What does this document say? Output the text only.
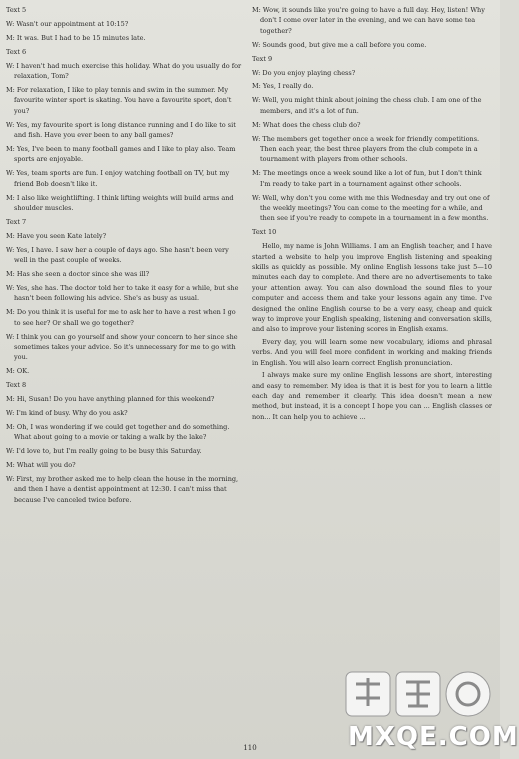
Text 5
W: Wasn't our appointment at 10:15?
M: It was. But I had to be 15 minutes late.
Text 6
W: I haven't had much exercise this holiday. What do you usually do for relaxation, Tom?
M: For relaxation, I like to play tennis and swim in the summer. My favourite winter sport is skating. You have a favourite sport, don't you?
W: Yes, my favourite sport is long distance running and I do like to sit and fish. Have you ever been to any ball games?
M: Yes, I've been to many football games and I like to play also. Team sports are enjoyable.
W: Yes, team sports are fun. I enjoy watching football on TV, but my friend Bob doesn't like it.
M: I also like weightlifting. I think lifting weights will build arms and shoulder muscles.
Text 7
M: Have you seen Kate lately?
W: Yes, I have. I saw her a couple of days ago. She hasn't been very well in the past couple of weeks.
M: Has she seen a doctor since she was ill?
W: Yes, she has. The doctor told her to take it easy for a while, but she hasn't been following his advice. She's as busy as usual.
M: Do you think it is useful for me to ask her to have a rest when I go to see her? Or shall we go together?
W: I think you can go yourself and show your concern to her since she sometimes takes your advice. So it's unnecessary for me to go with you.
M: OK.
Text 8
M: Hi, Susan! Do you have anything planned for this weekend?
W: I'm kind of busy. Why do you ask?
M: Oh, I was wondering if we could get together and do something. What about going to a movie or taking a walk by the lake?
W: I'd love to, but I'm really going to be busy this Saturday.
M: What will you do?
W: First, my brother asked me to help clean the house in the morning, and then I have a dentist appointment at 12:30. I can't miss that because I've canceled twice before.
M: Wow, it sounds like you're going to have a full day. Hey, listen! Why don't I come over later in the evening, and we can have some tea together?
W: Sounds good, but give me a call before you come.
Text 9
W: Do you enjoy playing chess?
M: Yes, I really do.
W: Well, you might think about joining the chess club. I am one of the members, and it's a lot of fun.
M: What does the chess club do?
W: The members get together once a week for friendly competitions. Then each year, the best three players from the club compete in a tournament with players from other schools.
M: The meetings once a week sound like a lot of fun, but I don't think I'm ready to take part in a tournament against other schools.
W: Well, why don't you come with me this Wednesday and try out one of the weekly meetings? You can come to the meeting for a while, and then see if you're ready to compete in a tournament in a few months.
Text 10
Hello, my name is John Williams. I am an English teacher, and I have started a website to help you improve English listening and speaking skills as quickly as possible. My online English lessons take just 5—10 minutes each day to complete. And there are no advertisements to take your attention away. You can also download the sound files to your computer and access them and take your lessons again any time. I've designed the online English course to be a very easy, cheap and quick way to improve your English speaking, listening and conversation skills, and also to improve your listening scores in English exams.
Every day, you will learn some new vocabulary, idioms and phrasal verbs. And you will feel more confident in working and making friends in English. You will also learn correct English pronunciation.
I always make sure my online English lessons are short, interesting and easy to remember. My idea is that it is best for you to learn a little each day and remember it clearly. This idea doesn't mean a new method, but instead, it is a concept I hope you can ... English classes or non... It can help you to achieve ...
110	MXQE.COM
